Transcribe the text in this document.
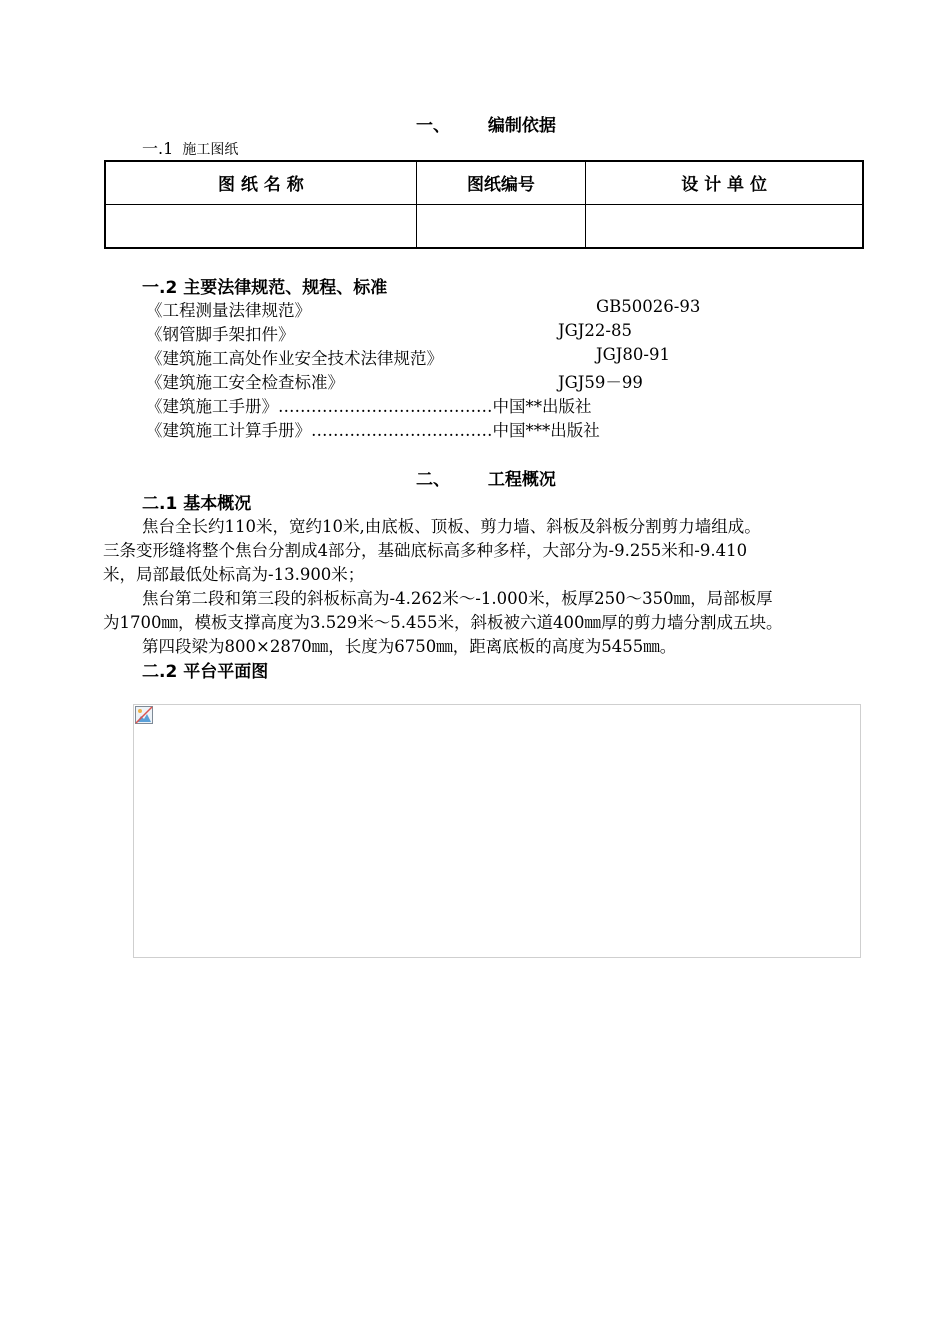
一、 编制依据
一.1 施工图纸
图 纸 名 称	图纸编号	设 计 单 位

一.2 主要法律规范、规程、标准
《工程测量法律规范》	GB50026-93
《钢管脚手架扣件》	JGJ22-85
《建筑施工高处作业安全技术法律规范》	JGJ80-91
《建筑施工安全检查标准》	JGJ59－99
《建筑施工手册》…………………………………中国**出版社
《建筑施工计算手册》……………………………中国***出版社
二、 工程概况
二.1 基本概况
焦台全长约110米，宽约10米,由底板、顶板、剪力墙、斜板及斜板分割剪力墙组成。
三条变形缝将整个焦台分割成4部分，基础底标高多种多样，大部分为-9.255米和-9.410
米，局部最低处标高为-13.900米；
焦台第二段和第三段的斜板标高为-4.262米～-1.000米，板厚250～350㎜，局部板厚
为1700㎜，模板支撑高度为3.529米～5.455米，斜板被六道400㎜厚的剪力墙分割成五块。
第四段梁为800×2870㎜，长度为6750㎜，距离底板的高度为5455㎜。
二.2 平台平面图
